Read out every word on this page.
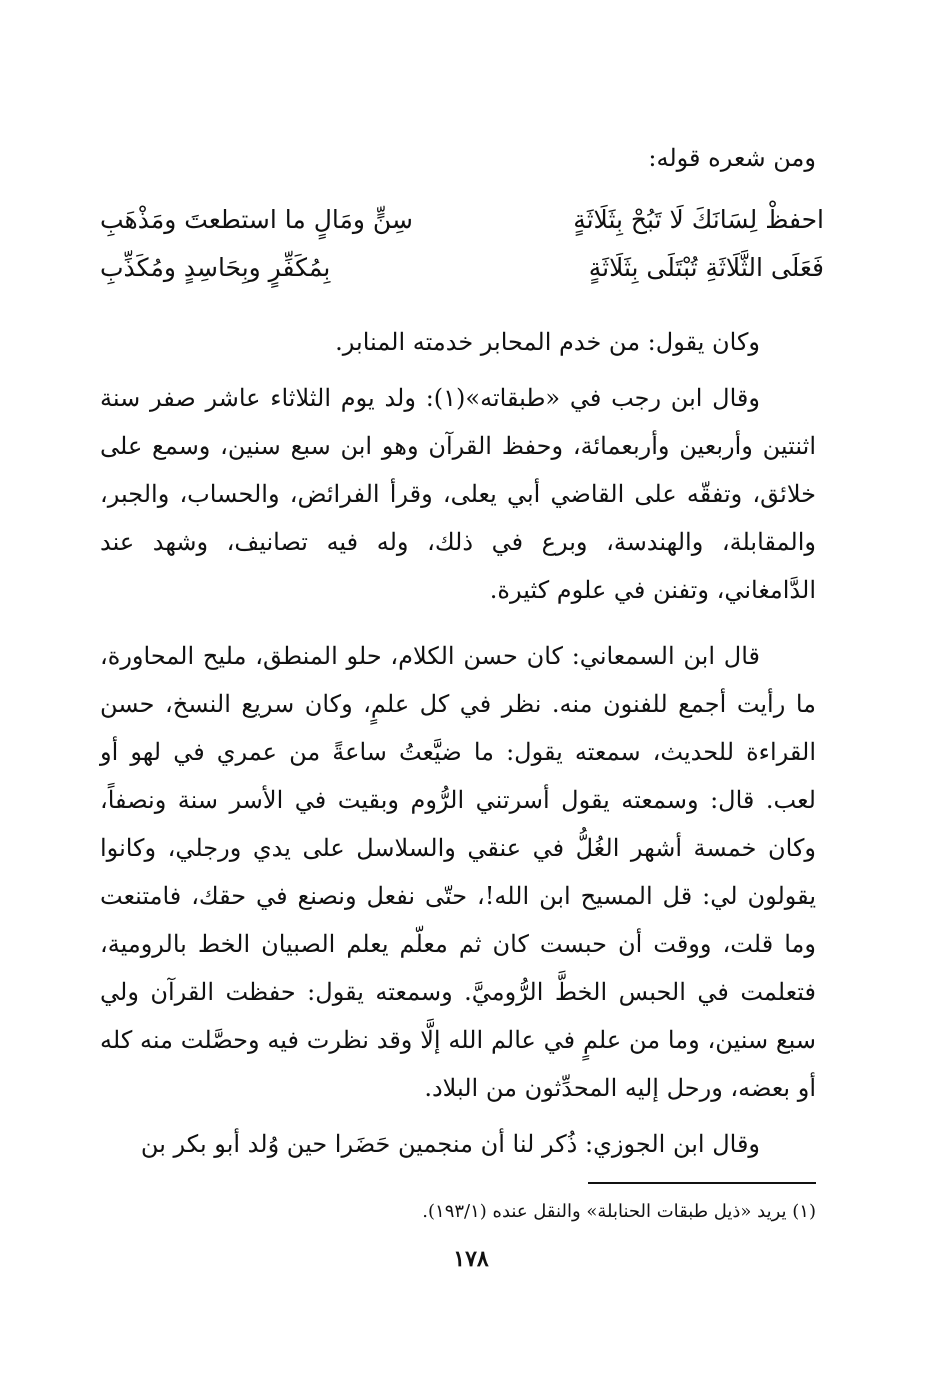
ومن شعره قوله:
احفظْ لِسَانَكَ لَا تَبُحْ بِثَلَاثَةٍ
سِنٍّ ومَالٍ ما استطعتَ ومَذْهَبِ
فَعَلَى الثَّلَاثَةِ تُبْتَلَى بِثَلَاثَةٍ
بِمُكَفِّرٍ وبِحَاسِدٍ ومُكَذِّبِ
وكان يقول: من خدم المحابر خدمته المنابر.
وقال ابن رجب في «طبقاته»(١): ولد يوم الثلاثاء عاشر صفر سنة اثنتين وأربعين وأربعمائة، وحفظ القرآن وهو ابن سبع سنين، وسمع على خلائق، وتفقّه على القاضي أبي يعلى، وقرأ الفرائض، والحساب، والجبر، والمقابلة، والهندسة، وبرع في ذلك، وله فيه تصانيف، وشهد عند الدَّامغاني، وتفنن في علوم كثيرة.
قال ابن السمعاني: كان حسن الكلام، حلو المنطق، مليح المحاورة، ما رأيت أجمع للفنون منه. نظر في كل علمٍ، وكان سريع النسخ، حسن القراءة للحديث، سمعته يقول: ما ضيَّعتُ ساعةً من عمري في لهو أو لعب. قال: وسمعته يقول أسرتني الرُّوم وبقيت في الأسر سنة ونصفاً، وكان خمسة أشهر الغُلُّ في عنقي والسلاسل على يدي ورجلي، وكانوا يقولون لي: قل المسيح ابن الله!، حتّى نفعل ونصنع في حقك، فامتنعت وما قلت، ووقت أن حبست كان ثم معلّم يعلم الصبيان الخط بالرومية، فتعلمت في الحبس الخطَّ الرُّوميَّ. وسمعته يقول: حفظت القرآن ولي سبع سنين، وما من علمٍ في عالم الله إلَّا وقد نظرت فيه وحصَّلت منه كله أو بعضه، ورحل إليه المحدِّثون من البلاد.
وقال ابن الجوزي: ذُكر لنا أن منجمين حَضَرا حين وُلد أبو بكر بن
(١) يريد «ذيل طبقات الحنابلة» والنقل عنده (١٩٣/١).
١٧٨
